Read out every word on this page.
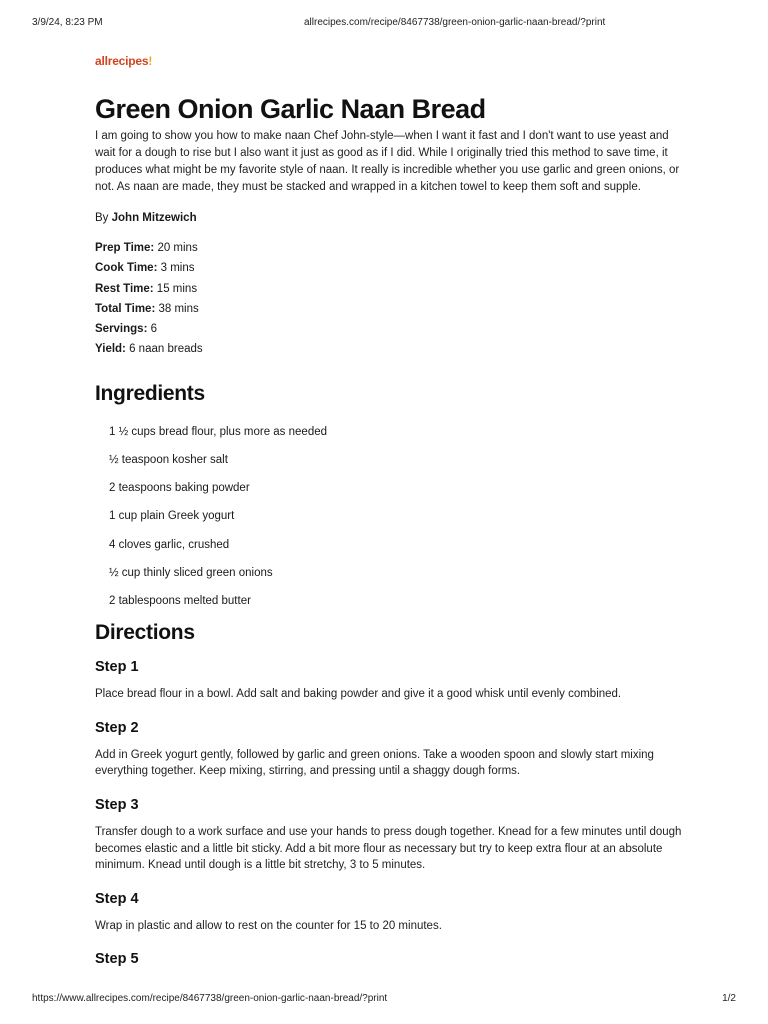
3/9/24, 8:23 PM	allrecipes.com/recipe/8467738/green-onion-garlic-naan-bread/?print
allrecipes!
Green Onion Garlic Naan Bread

I am going to show you how to make naan Chef John-style—when I want it fast and I don't want to use yeast and wait for a dough to rise but I also want it just as good as if I did. While I originally tried this method to save time, it produces what might be my favorite style of naan. It really is incredible whether you use garlic and green onions, or not. As naan are made, they must be stacked and wrapped in a kitchen towel to keep them soft and supple.

By John Mitzewich
Prep Time: 20 mins
Cook Time: 3 mins
Rest Time: 15 mins
Total Time: 38 mins
Servings: 6
Yield: 6 naan breads
Ingredients
1 ½ cups bread flour, plus more as needed
½ teaspoon kosher salt
2 teaspoons baking powder
1 cup plain Greek yogurt
4 cloves garlic, crushed
½ cup thinly sliced green onions
2 tablespoons melted butter
Directions
Step 1

Place bread flour in a bowl. Add salt and baking powder and give it a good whisk until evenly combined.

Step 2

Add in Greek yogurt gently, followed by garlic and green onions. Take a wooden spoon and slowly start mixing everything together. Keep mixing, stirring, and pressing until a shaggy dough forms.

Step 3

Transfer dough to a work surface and use your hands to press dough together. Knead for a few minutes until dough becomes elastic and a little bit sticky. Add a bit more flour as necessary but try to keep extra flour at an absolute minimum. Knead until dough is a little bit stretchy, 3 to 5 minutes.

Step 4

Wrap in plastic and allow to rest on the counter for 15 to 20 minutes.

Step 5
https://www.allrecipes.com/recipe/8467738/green-onion-garlic-naan-bread/?print	1/2
